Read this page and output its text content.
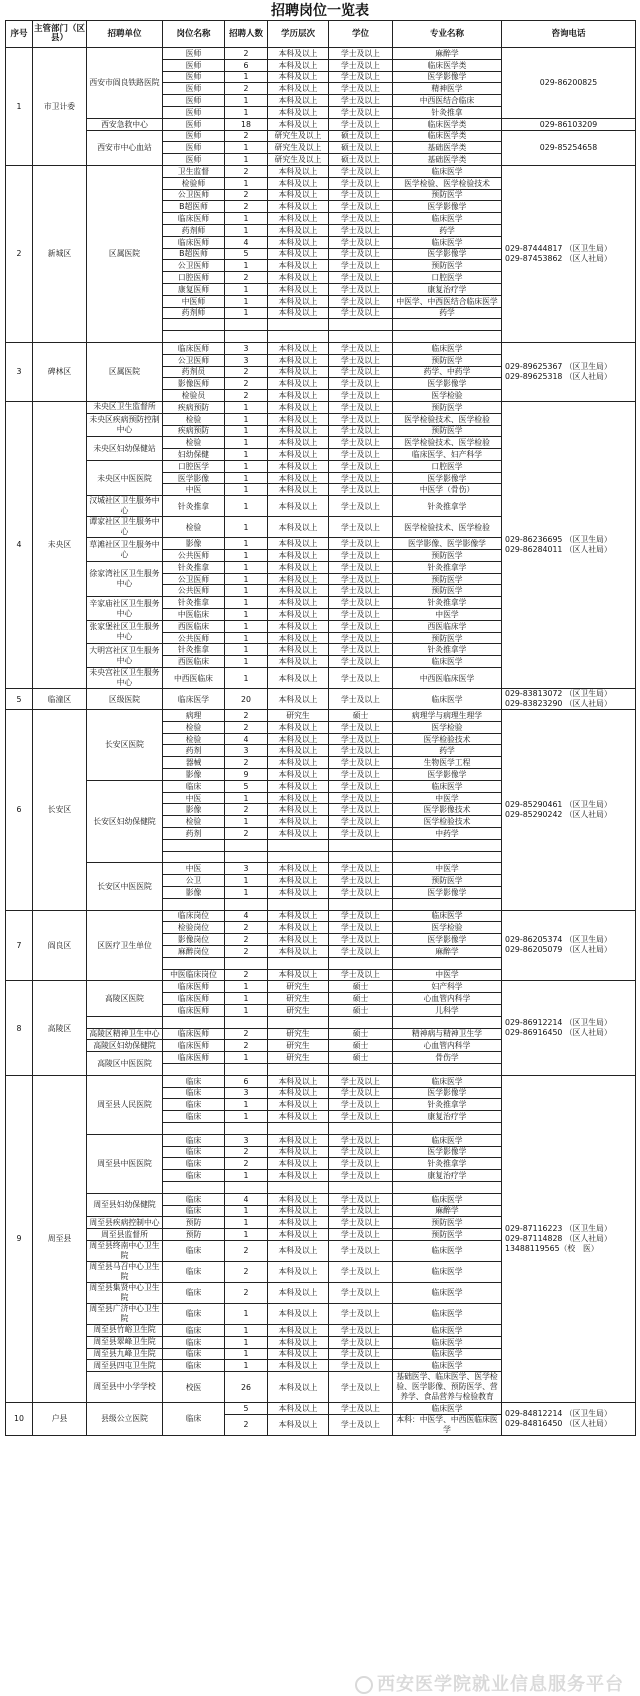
招聘岗位一览表
序号	主管部门（区县）	招聘单位	岗位名称	招聘人数	学历层次	学位	专业名称	咨询电话
1	市卫计委	西安市阎良铁路医院	医师	2	本科及以上	学士及以上	麻醉学	029-86200825
			医师	6	本科及以上	学士及以上	临床医学类	
			医师	1	本科及以上	学士及以上	医学影像学	
			医师	2	本科及以上	学士及以上	精神医学	
			医师	1	本科及以上	学士及以上	中西医结合临床	
			医师	1	本科及以上	学士及以上	针灸推拿	
		西安急救中心	医师	18	本科及以上	学士及以上	临床医学类	029-86103209
		西安市中心血站	医师	2	研究生及以上	硕士及以上	临床医学类	029-85254658
			医师	1	研究生及以上	硕士及以上	基础医学类	
			医师	1	研究生及以上	硕士及以上	基础医学类	
2	新城区	区属医院	卫生监督	2	本科及以上	学士及以上	临床医学	029-87444817 （区卫生局）
029-87453862 （区人社局）
			检验师	1	本科及以上	学士及以上	医学检验、医学检验技术	
			公卫医师	2	本科及以上	学士及以上	预防医学	
			B超医师	2	本科及以上	学士及以上	医学影像学	
			临床医师	1	本科及以上	学士及以上	临床医学	
			药剂师	1	本科及以上	学士及以上	药学	
			临床医师	4	本科及以上	学士及以上	临床医学	
			B超医师	5	本科及以上	学士及以上	医学影像学	
			公卫医师	1	本科及以上	学士及以上	预防医学	
			口腔医师	2	本科及以上	学士及以上	口腔医学	
			康复医师	1	本科及以上	学士及以上	康复治疗学	
			中医师	1	本科及以上	学士及以上	中医学、中西医结合临床医学	
			药剂师	1	本科及以上	学士及以上	药学	

3	碑林区	区属医院	临床医师	3	本科及以上	学士及以上	临床医学	029-89625367 （区卫生局）
029-89625318 （区人社局）
			公卫医师	3	本科及以上	学士及以上	预防医学	
			药剂员	2	本科及以上	学士及以上	药学、中药学	
			影像医师	2	本科及以上	学士及以上	医学影像学	
			检验员	2	本科及以上	学士及以上	医学检验	

4	未央区	未央区卫生监督所	疾病预防	1	本科及以上	学士及以上	预防医学	029-86236695 （区卫生局）
029-86284011 （区人社局）

		未央区疾病预防控制中心	检验	1	本科及以上	学士及以上	医学检验技术、医学检验	
			疾病预防	1	本科及以上	学士及以上	预防医学	
		未央区妇幼保健站	检验	1	本科及以上	学士及以上	医学检验技术、医学检验	
			妇幼保健	1	本科及以上	学士及以上	临床医学、妇产科学	
		未央区中医医院	口腔医学	1	本科及以上	学士及以上	口腔医学	
			医学影像	1	本科及以上	学士及以上	医学影像学	
			中医	1	本科及以上	学士及以上	中医学（骨伤）	
		汉城社区卫生服务中心	针灸推拿	1	本科及以上	学士及以上	针灸推拿学	

		谭家社区卫生服务中心	检验	1	本科及以上	学士及以上	医学检验技术、医学检验	

		草滩社区卫生服务中心	影像	1	本科及以上	学士及以上	医学影像、医学影像学	
			公共医师	1	本科及以上	学士及以上	预防医学	
		徐家湾社区卫生服务中心	针灸推拿	1	本科及以上	学士及以上	针灸推拿学	
			公卫医师	1	本科及以上	学士及以上	预防医学	
			公共医师	1	本科及以上	学士及以上	预防医学	
		辛家庙社区卫生服务中心	针灸推拿	1	本科及以上	学士及以上	针灸推拿学	
			中医临床	1	本科及以上	学士及以上	中医学	
		张家堡社区卫生服务中心	西医临床	1	本科及以上	学士及以上	西医临床学	
			公共医师	1	本科及以上	学士及以上	预防医学	

		大明宫社区卫生服务中心	针灸推拿	1	本科及以上	学士及以上	针灸推拿学	
			西医临床	1	本科及以上	学士及以上	临床医学	
		未央宫社区卫生服务中心	中西医临床	1	本科及以上	学士及以上	中西医临床医学	

5	临潼区	区级医院	临床医学	20	本科及以上	学士及以上	临床医学	029-83813072 （区卫生局）
029-83823290 （区人社局）

6	长安区	长安区医院	病理	2	研究生	硕士	病理学与病理生理学	029-85290461 （区卫生局）
029-85290242 （区人社局）
			检验	2	本科及以上	学士及以上	医学检验	
			检验	4	本科及以上	学士及以上	医学检验技术	
			药剂	3	本科及以上	学士及以上	药学	
			器械	2	本科及以上	学士及以上	生物医学工程	
			影像	9	本科及以上	学士及以上	医学影像学	
		长安区妇幼保健院	临床	5	本科及以上	学士及以上	临床医学	
			中医	1	本科及以上	学士及以上	中医学	
			影像	2	本科及以上	学士及以上	医学影像技术	
			检验	1	本科及以上	学士及以上	医学检验技术	
			药剂	2	本科及以上	学士及以上	中药学	

		长安区中医医院	中医	3	本科及以上	学士及以上	中医学	
			公卫	1	本科及以上	学士及以上	预防医学	
			影像	1	本科及以上	学士及以上	医学影像学	

7	阎良区	区医疗卫生单位	临床岗位	4	本科及以上	学士及以上	临床医学	029-86205374 （区卫生局）
029-86205079 （区人社局）
			检验岗位	2	本科及以上	学士及以上	医学检验	
			影像岗位	2	本科及以上	学士及以上	医学影像学	
			麻醉岗位	2	本科及以上	学士及以上	麻醉学	

			中医临床岗位	2	本科及以上	学士及以上	中医学	

8	高陵区	高陵区医院	临床医师	1	研究生	硕士	妇产科学	029-86912214 （区卫生局）
029-86916450 （区人社局）
			临床医师	1	研究生	硕士	心血管内科学	
			临床医师	1	研究生	硕士	儿科学	

		高陵区精神卫生中心	临床医师	2	研究生	硕士	精神病与精神卫生学	

		高陵区妇幼保健院	临床医师	2	研究生	硕士	心血管内科学	

		高陵区中医医院	临床医师	1	研究生	硕士	骨伤学	

9	周至县	周至县人民医院	临床	6	本科及以上	学士及以上	临床医学	029-87116223 （区卫生局）
029-87114828 （区人社局）
13488119565（校　医）
			临床	3	本科及以上	学士及以上	医学影像学	
			临床	1	本科及以上	学士及以上	针灸推拿学	
			临床	1	本科及以上	学士及以上	康复治疗学	

		周至县中医医院	临床	3	本科及以上	学士及以上	临床医学	
			临床	2	本科及以上	学士及以上	医学影像学	
			临床	2	本科及以上	学士及以上	针灸推拿学	
			临床	1	本科及以上	学士及以上	康复治疗学	

		周至县妇幼保健院	临床	4	本科及以上	学士及以上	临床医学	
			临床	1	本科及以上	学士及以上	麻醉学	
		周至县疾病控制中心	预防	1	本科及以上	学士及以上	预防医学	

		周至县监督所	预防	1	本科及以上	学士及以上	预防医学	
		周至县终南中心卫生院	临床	2	本科及以上	学士及以上	临床医学	

		周至县马召中心卫生院	临床	2	本科及以上	学士及以上	临床医学	

		周至县集贤中心卫生院	临床	2	本科及以上	学士及以上	临床医学	

		周至县广济中心卫生院	临床	1	本科及以上	学士及以上	临床医学	

		周至县竹峪卫生院	临床	1	本科及以上	学士及以上	临床医学	

		周至县翠峰卫生院	临床	1	本科及以上	学士及以上	临床医学	

		周至县九峰卫生院	临床	1	本科及以上	学士及以上	临床医学	

		周至县四屯卫生院	临床	1	本科及以上	学士及以上	临床医学	

		周至县中小学学校	校医	26	本科及以上	学士及以上	基础医学、临床医学、医学检验、医学影像、预防医学、营养学、食品营养与检验教育	

10	户县	县级公立医院	临床	5	本科及以上	学士及以上	临床医学	029-84812214 （区卫生局）
029-84816450 （区人社局）
				2	本科及以上	学士及以上	本科：中医学、中西医临床医学	

西安医学院就业信息服务平台
